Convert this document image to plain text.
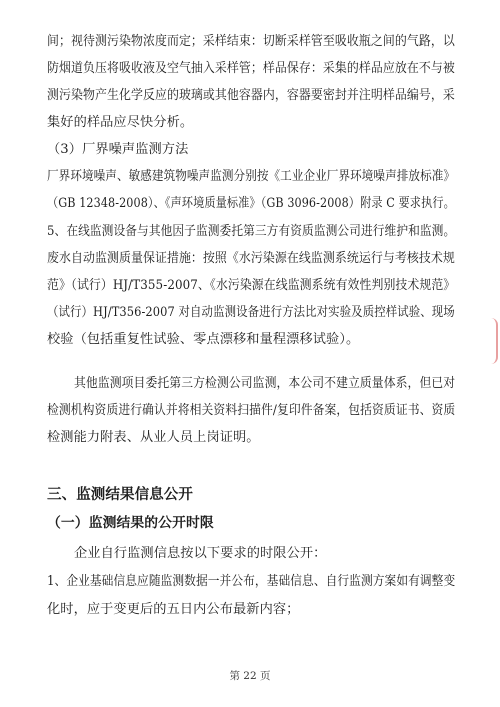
间；视待测污染物浓度而定；采样结束：切断采样管至吸收瓶之间的气路，以
防烟道负压将吸收液及空气抽入采样管；样品保存：采集的样品应放在不与被
测污染物产生化学反应的玻璃或其他容器内，容器要密封并注明样品编号，采
集好的样品应尽快分析。
（3）厂界噪声监测方法
厂界环境噪声、敏感建筑物噪声监测分别按《工业企业厂界环境噪声排放标准》
（GB 12348-2008）、《声环境质量标准》（GB 3096-2008）附录 C 要求执行。
5、在线监测设备与其他因子监测委托第三方有资质监测公司进行维护和监测。
废水自动监测质量保证措施：按照《水污染源在线监测系统运行与考核技术规
范》（试行）HJ/T355-2007、《水污染源在线监测系统有效性判别技术规范》
（试行）HJ/T356-2007 对自动监测设备进行方法比对实验及质控样试验、现场
校验（包括重复性试验、零点漂移和量程漂移试验）。
其他监测项目委托第三方检测公司监测，本公司不建立质量体系，但已对
检测机构资质进行确认并将相关资料扫描件/复印件备案，包括资质证书、资质
检测能力附表、从业人员上岗证明。
三、监测结果信息公开
（一）监测结果的公开时限
企业自行监测信息按以下要求的时限公开：
1、企业基础信息应随监测数据一并公布，基础信息、自行监测方案如有调整变
化时，应于变更后的五日内公布最新内容；
第 22 页
